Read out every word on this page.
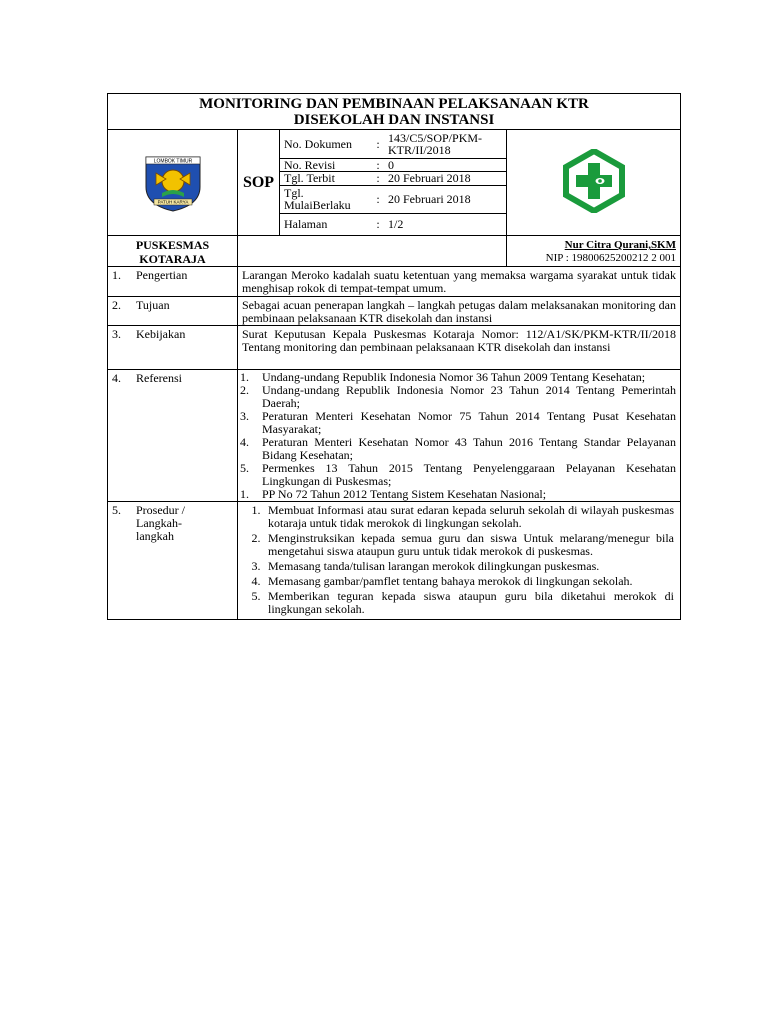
MONITORING DAN PEMBINAAN PELAKSANAAN KTR
DISEKOLAH DAN INSTANSI

LOMBOK TIMUR
PATUH KARYA
	SOP	
No. Dokumen	:	143/C5/SOP/PKM-KTR/II/2018
No. Revisi	:	0
Tgl. Terbit	:	20 Februari 2018
Tgl. MulaiBerlaku	:	20 Februari 2018
Halaman	:	1/2

PUSKESMAS
KOTARAJA

Nur Citra Qurani,SKM
NIP : 19800625200212 2 001

1. Pengertian	Larangan Meroko kadalah suatu ketentuan yang memaksa wargama syarakat untuk tidak menghisap rokok di tempat-tempat umum.
2. Tujuan	Sebagai acuan penerapan langkah – langkah petugas dalam melaksanakan monitoring dan pembinaan pelaksanaan KTR disekolah dan instansi
3. Kebijakan	Surat Keputusan Kepala Puskesmas Kotaraja Nomor: 112/A1/SK/PKM-KTR/II/2018 Tentang monitoring dan pembinaan pelaksanaan KTR disekolah dan instansi
4. Referensi	1.	Undang-undang Republik Indonesia Nomor 36 Tahun 2009 Tentang Kesehatan;
2.	Undang-undang Republik Indonesia Nomor 23 Tahun 2014 Tentang Pemerintah Daerah;
3.	Peraturan Menteri Kesehatan Nomor 75 Tahun 2014 Tentang Pusat Kesehatan Masyarakat;
4.	Peraturan Menteri Kesehatan Nomor 43 Tahun 2016 Tentang Standar Pelayanan Bidang Kesehatan;
5.	Permenkes 13 Tahun 2015 Tentang Penyelenggaraan Pelayanan Kesehatan Lingkungan di Puskesmas;
1.	PP No 72 Tahun 2012 Tentang Sistem Kesehatan Nasional;

5.	Prosedur / Langkah-langkah

1. Membuat Informasi atau surat edaran kepada seluruh sekolah di wilayah puskesmas kotaraja untuk tidak merokok di lingkungan sekolah.
2. Menginstruksikan kepada semua guru dan siswa Untuk melarang/menegur bila mengetahui siswa ataupun guru untuk tidak merokok di puskesmas.
3. Memasang tanda/tulisan larangan merokok dilingkungan puskesmas.
4. Memasang gambar/pamflet tentang bahaya merokok di lingkungan sekolah.
5. Memberikan teguran kepada siswa ataupun guru bila diketahui merokok di lingkungan sekolah.
